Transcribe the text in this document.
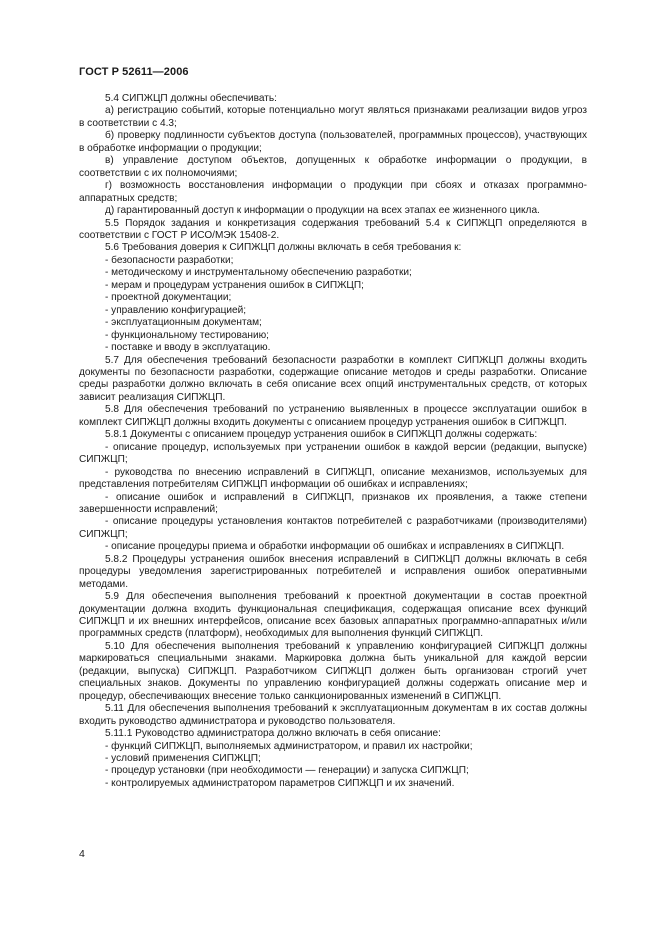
ГОСТ Р 52611—2006

5.4 СИПЖЦП должны обеспечивать:

а) регистрацию событий, которые потенциально могут являться признаками реализации видов угроз в соответствии с 4.3;

б) проверку подлинности субъектов доступа (пользователей, программных процессов), участвующих в обработке информации о продукции;

в) управление доступом объектов, допущенных к обработке информации о продукции, в соответствии с их полномочиями;

г) возможность восстановления информации о продукции при сбоях и отказах программно-аппаратных средств;

д) гарантированный доступ к информации о продукции на всех этапах ее жизненного цикла.

5.5 Порядок задания и конкретизация содержания требований 5.4 к СИПЖЦП определяются в соответствии с ГОСТ Р ИСО/МЭК 15408-2.

5.6 Требования доверия к СИПЖЦП должны включать в себя требования к:

- безопасности разработки;

- методическому и инструментальному обеспечению разработки;

- мерам и процедурам устранения ошибок в СИПЖЦП;

- проектной документации;

- управлению конфигурацией;

- эксплуатационным документам;

- функциональному тестированию;

- поставке и вводу в эксплуатацию.

5.7 Для обеспечения требований безопасности разработки в комплект СИПЖЦП должны входить документы по безопасности разработки, содержащие описание методов и среды разработки. Описание среды разработки должно включать в себя описание всех опций инструментальных средств, от которых зависит реализация СИПЖЦП.

5.8 Для обеспечения требований по устранению выявленных в процессе эксплуатации ошибок в комплект СИПЖЦП должны входить документы с описанием процедур устранения ошибок в СИПЖЦП.

5.8.1 Документы с описанием процедур устранения ошибок в СИПЖЦП должны содержать:

- описание процедур, используемых при устранении ошибок в каждой версии (редакции, выпуске) СИПЖЦП;

- руководства по внесению исправлений в СИПЖЦП, описание механизмов, используемых для представления потребителям СИПЖЦП информации об ошибках и исправлениях;

- описание ошибок и исправлений в СИПЖЦП, признаков их проявления, а также степени завершенности исправлений;

- описание процедуры установления контактов потребителей с разработчиками (производителями) СИПЖЦП;

- описание процедуры приема и обработки информации об ошибках и исправлениях в СИПЖЦП.

5.8.2 Процедуры устранения ошибок внесения исправлений в СИПЖЦП должны включать в себя процедуры уведомления зарегистрированных потребителей и исправления ошибок оперативными методами.

5.9 Для обеспечения выполнения требований к проектной документации в состав проектной документации должна входить функциональная спецификация, содержащая описание всех функций СИПЖЦП и их внешних интерфейсов, описание всех базовых аппаратных программно-аппаратных и/или программных средств (платформ), необходимых для выполнения функций СИПЖЦП.

5.10 Для обеспечения выполнения требований к управлению конфигурацией СИПЖЦП должны маркироваться специальными знаками. Маркировка должна быть уникальной для каждой версии (редакции, выпуска) СИПЖЦП. Разработчиком СИПЖЦП должен быть организован строгий учет специальных знаков. Документы по управлению конфигурацией должны содержать описание мер и процедур, обеспечивающих внесение только санкционированных изменений в СИПЖЦП.

5.11 Для обеспечения выполнения требований к эксплуатационным документам в их состав должны входить руководство администратора и руководство пользователя.

5.11.1 Руководство администратора должно включать в себя описание:

- функций СИПЖЦП, выполняемых администратором, и правил их настройки;

- условий применения СИПЖЦП;

- процедур установки (при необходимости — генерации) и запуска СИПЖЦП;

- контролируемых администратором параметров СИПЖЦП и их значений.

4
